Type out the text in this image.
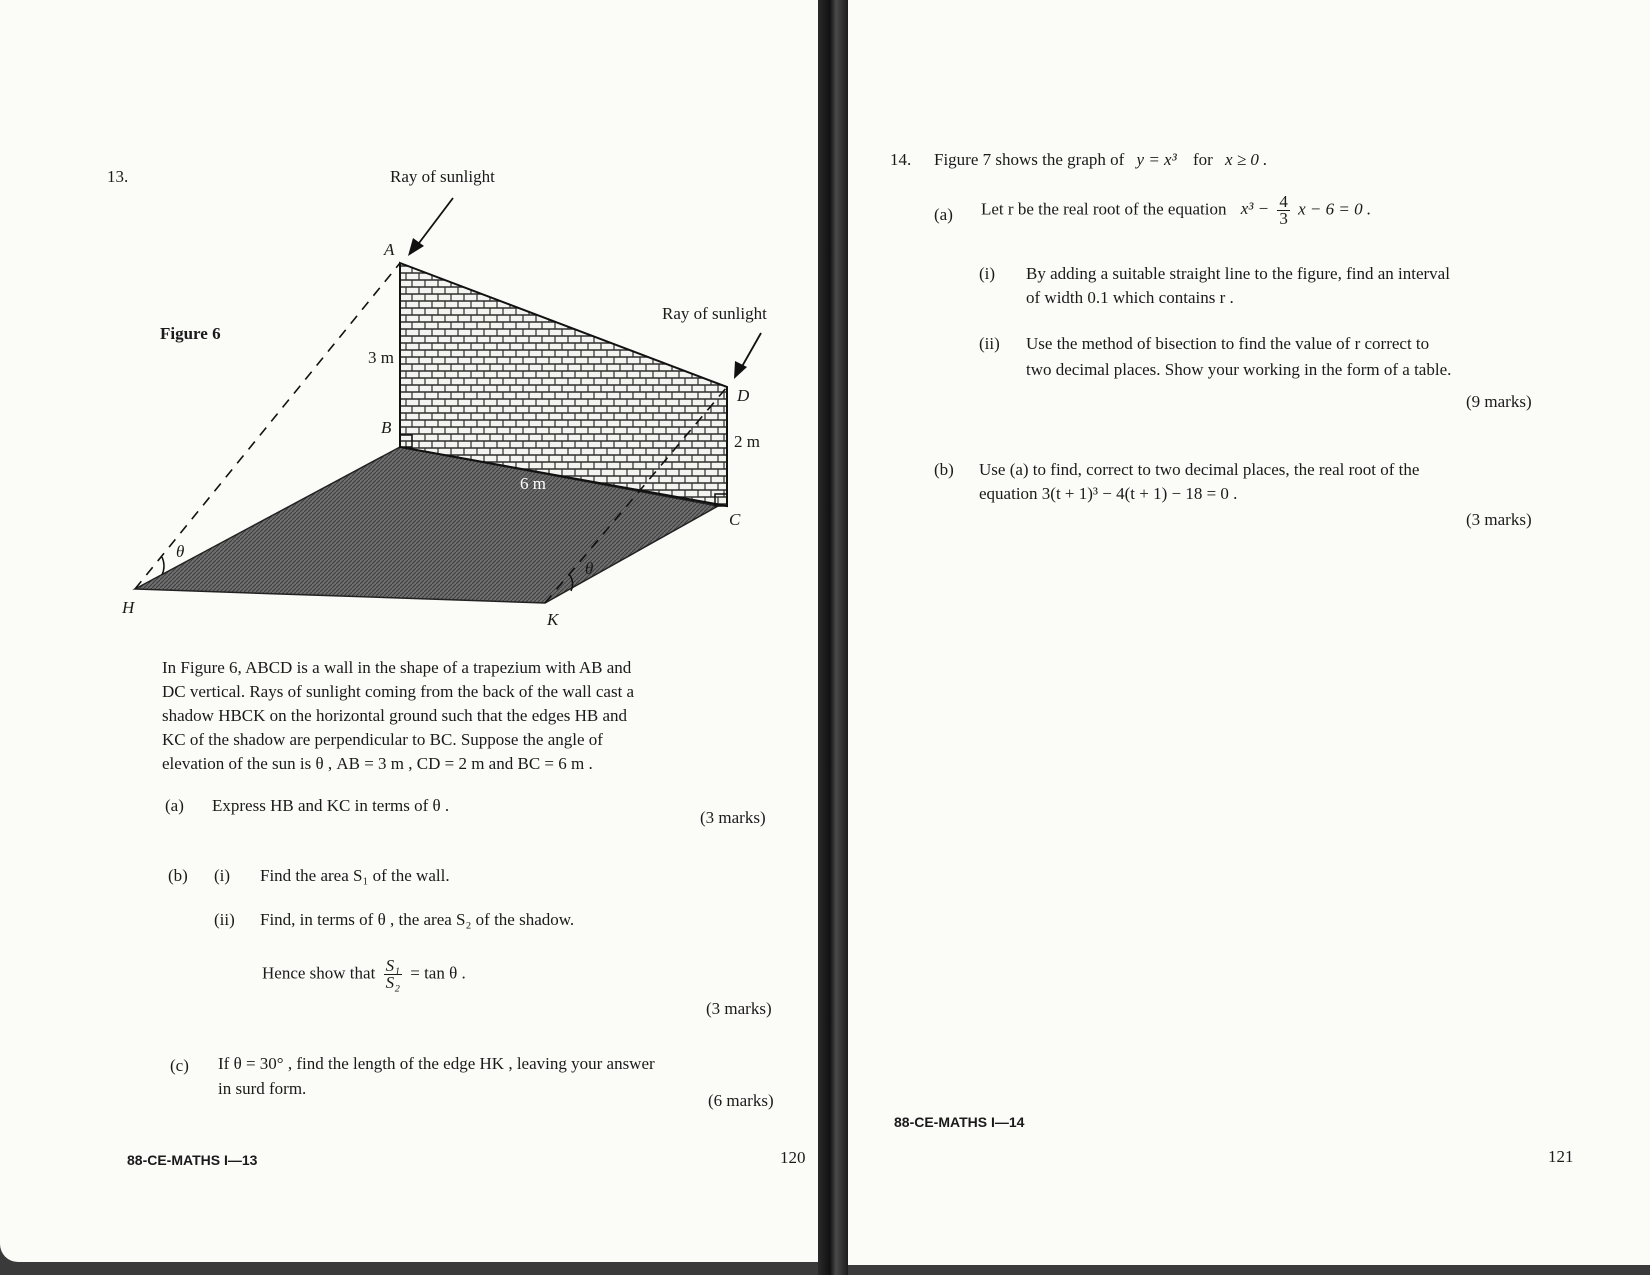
13.
Figure 6
Ray of sunlight
Ray of sunlight
A
B
C
D
H
K
3 m
2 m
6 m
θ
θ
In Figure 6, ABCD is a wall in the shape of a trapezium with AB and
DC vertical. Rays of sunlight coming from the back of the wall cast a
shadow HBCK on the horizontal ground such that the edges HB and
KC of the shadow are perpendicular to BC. Suppose the angle of
elevation of the sun is θ , AB = 3 m , CD = 2 m and BC = 6 m .
(a) Express HB and KC in terms of θ .
(3 marks)
(b) (i) Find the area S₁ of the wall.
(ii) Find, in terms of θ , the area S₂ of the shadow.
Hence show that $\frac{\text{S₁}}{\text{S₂}} = \tan \theta$ .
(3 marks)
(c) If θ = 30° , find the length of the edge HK , leaving your answer
in surd form.
(6 marks)
88-CE-MATHS I—13	120
14. Figure 7 shows the graph of y = x³ for x ≥ 0 .
(a) Let r be the real root of the equation $x^3 - \frac{4}{3}$ x − 6 = 0 .
(i) By adding a suitable straight line to the figure, find an interval
of width 0.1 which contains r .
(ii) Use the method of bisection to find the value of r correct to
two decimal places. Show your working in the form of a table.
(9 marks)
(b) Use (a) to find, correct to two decimal places, the real root of the
equation 3(t + 1)³ − 4(t + 1) − 18 = 0 .
(3 marks)
88-CE-MATHS I—14
121
